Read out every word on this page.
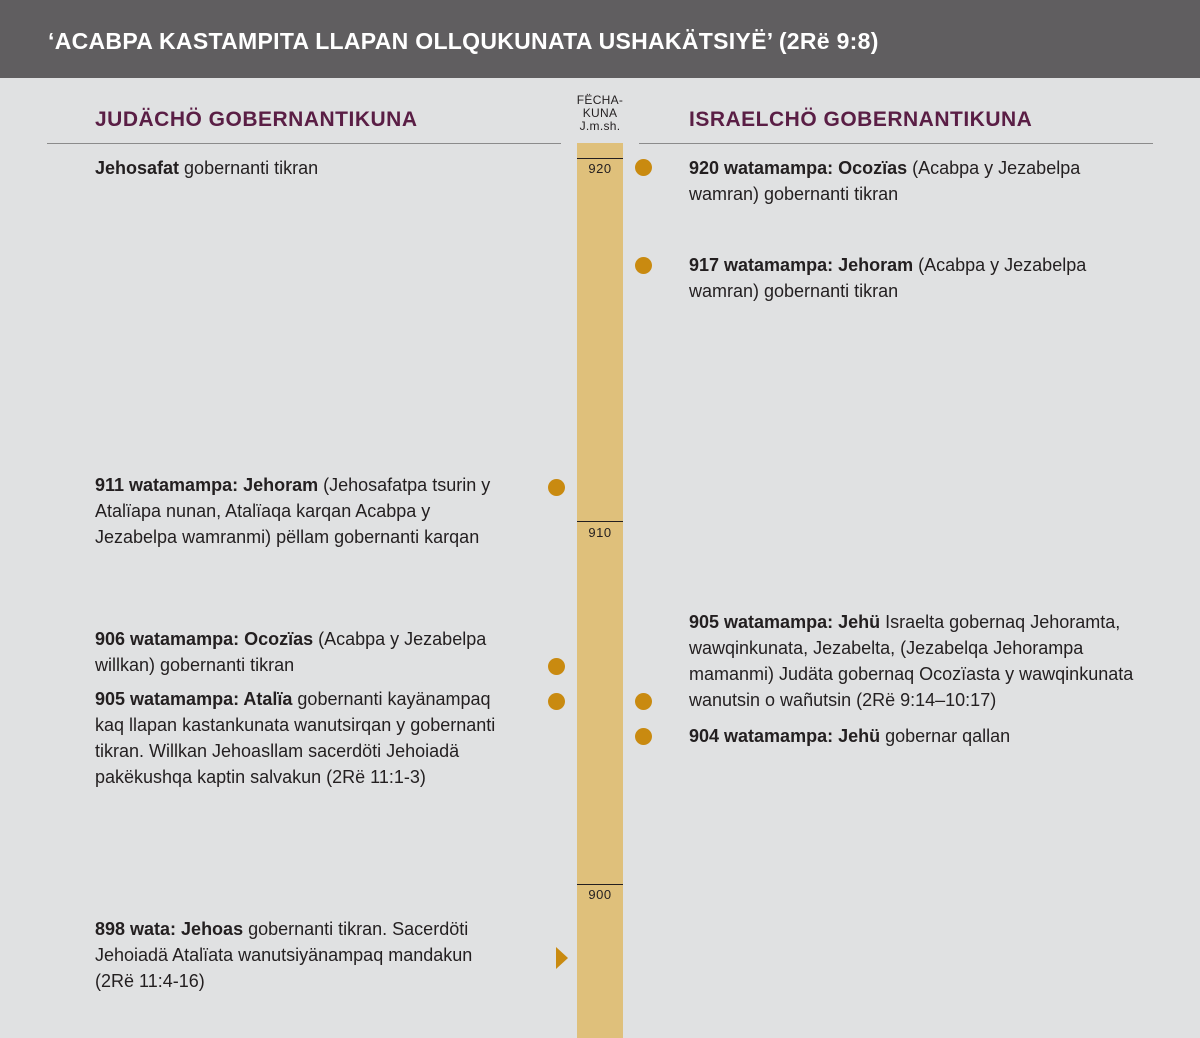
‘ACABPA KASTAMPITA LLAPAN OLLQUKUNATA USHAKÄTSIYË’ (2Rë 9:8)
JUDÄCHÖ GOBERNANTIKUNA	ISRAELCHÖ GOBERNANTIKUNA
FËCHA-
KUNA
J.m.sh.
920
910
900
Jehosafat gobernanti tikran
911 watamampa: Jehoram (Jehosafatpa tsurin y Atalïapa nunan, Atalïaqa karqan Acabpa y Jezabelpa wamranmi) pëllam gobernanti karqan
906 watamampa: Ocozïas (Acabpa y Jezabelpa willkan) gobernanti tikran
905 watamampa: Atalïa gobernanti kayänampaq kaq llapan kastankunata wanutsirqan y gobernanti tikran. Willkan Jehoasllam sacerdöti Jehoiadä pakëkushqa kaptin salvakun (2Rë 11:1-3)
898 wata: Jehoas gobernanti tikran. Sacerdöti Jehoiadä Atalïata wanutsiyänampaq mandakun (2Rë 11:4-16)
920 watamampa: Ocozïas (Acabpa y Jezabelpa wamran) gobernanti tikran
917 watamampa: Jehoram (Acabpa y Jezabelpa wamran) gobernanti tikran
905 watamampa: Jehü Israelta gobernaq Jehoramta, wawqinkunata, Jezabelta, (Jezabelqa Jehorampa mamanmi) Judäta gobernaq Ocozïasta y wawqinkunata wanutsin o wañutsin (2Rë 9:14–10:17)
904 watamampa: Jehü gobernar qallan
